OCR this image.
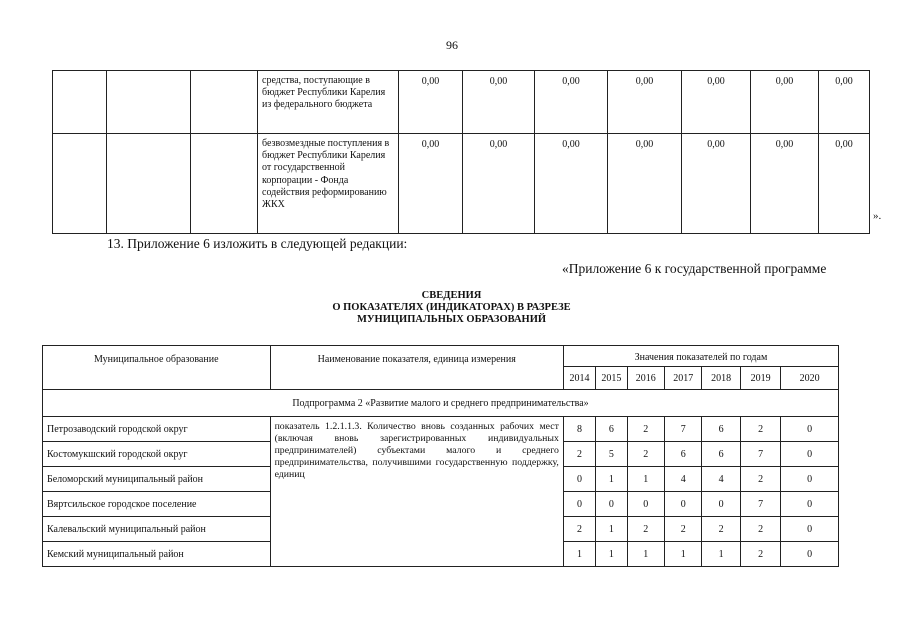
96
			средства, поступающие в бюджет Республики Карелия из федерального бюджета	0,00	0,00	0,00	0,00	0,00	0,00	0,00
			безвозмездные поступления в бюджет Республики Карелия от государственной корпорации - Фонда содействия реформированию ЖКХ	0,00	0,00	0,00	0,00	0,00	0,00	0,00
».
13. Приложение 6 изложить в следующей редакции:
«Приложение 6 к государственной программе
СВЕДЕНИЯ
О ПОКАЗАТЕЛЯХ (ИНДИКАТОРАХ) В РАЗРЕЗЕ
МУНИЦИПАЛЬНЫХ ОБРАЗОВАНИЙ
Муниципальное образование	Наименование показателя, единица измерения	Значения показателей по годам						
		2014	2015	2016	2017	2018	2019	2020
Подпрограмма 2 «Развитие малого и среднего предпринимательства»								
Петрозаводский городской округ	показатель 1.2.1.1.3. Количество вновь созданных рабочих мест (включая вновь зарегистрированных индивидуальных предпринимателей) субъектами малого и среднего предпринимательства, получившими государственную поддержку, единиц	8	6	2	7	6	2	0
Костомукшский городской округ		2	5	2	6	6	7	0
Беломорский муниципальный район		0	1	1	4	4	2	0
Вяртсильское городское поселение		0	0	0	0	0	7	0
Калевальский муниципальный район		2	1	2	2	2	2	0
Кемский муниципальный район		1	1	1	1	1	2	0
